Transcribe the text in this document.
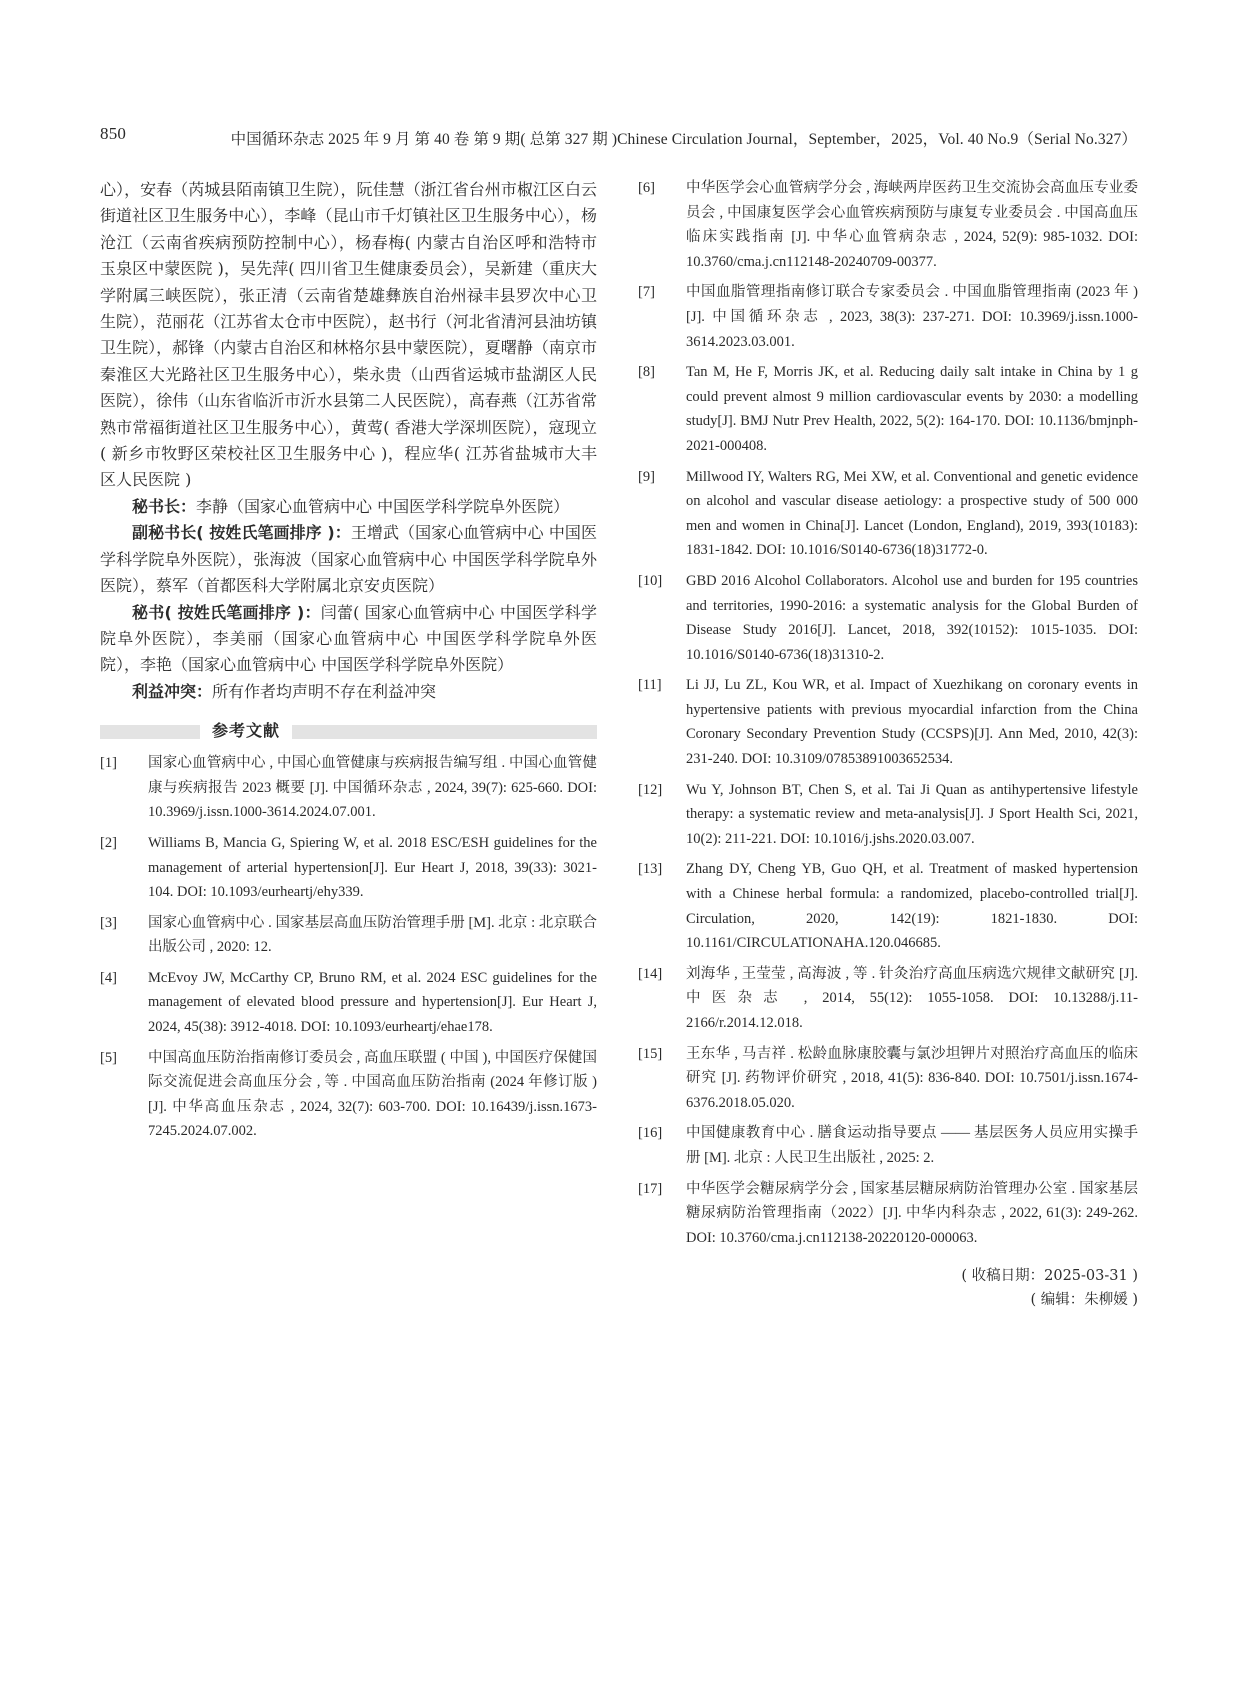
850	中国循环杂志 2025 年 9 月 第 40 卷 第 9 期( 总第 327 期 )Chinese Circulation Journal，September，2025，Vol. 40 No.9（Serial No.327）

心），安春（芮城县陌南镇卫生院），阮佳慧（浙江省台州市椒江区白云街道社区卫生服务中心），李峰（昆山市千灯镇社区卫生服务中心），杨沧江（云南省疾病预防控制中心），杨春梅( 内蒙古自治区呼和浩特市玉泉区中蒙医院 )，吴先萍( 四川省卫生健康委员会），吴新建（重庆大学附属三峡医院），张正清（云南省楚雄彝族自治州禄丰县罗次中心卫生院），范丽花（江苏省太仓市中医院），赵书行（河北省清河县油坊镇卫生院），郝锋（内蒙古自治区和林格尔县中蒙医院），夏曙静（南京市秦淮区大光路社区卫生服务中心），柴永贵（山西省运城市盐湖区人民医院），徐伟（山东省临沂市沂水县第二人民医院），高春燕（江苏省常熟市常福街道社区卫生服务中心），黄莺( 香港大学深圳医院），寇现立( 新乡市牧野区荣校社区卫生服务中心 )，程应华( 江苏省盐城市大丰区人民医院 )

秘书长：李静（国家心血管病中心 中国医学科学院阜外医院）

副秘书长( 按姓氏笔画排序 )：王增武（国家心血管病中心 中国医学科学院阜外医院），张海波（国家心血管病中心 中国医学科学院阜外医院），蔡军（首都医科大学附属北京安贞医院）

秘书( 按姓氏笔画排序 )：闫蕾( 国家心血管病中心 中国医学科学院阜外医院），李美丽（国家心血管病中心 中国医学科学院阜外医院），李艳（国家心血管病中心 中国医学科学院阜外医院）

利益冲突：所有作者均声明不存在利益冲突

参考文献

[1] 国家心血管病中心 , 中国心血管健康与疾病报告编写组 . 中国心血管健康与疾病报告 2023 概要 [J]. 中国循环杂志 , 2024, 39(7): 625-660. DOI: 10.3969/j.issn.1000-3614.2024.07.001.

[2] Williams B, Mancia G, Spiering W, et al. 2018 ESC/ESH guidelines for the management of arterial hypertension[J]. Eur Heart J, 2018, 39(33): 3021-104. DOI: 10.1093/eurheartj/ehy339.

[3] 国家心血管病中心 . 国家基层高血压防治管理手册 [M]. 北京 : 北京联合出版公司 , 2020: 12.

[4] McEvoy JW, McCarthy CP, Bruno RM, et al. 2024 ESC guidelines for the management of elevated blood pressure and hypertension[J]. Eur Heart J, 2024, 45(38): 3912-4018. DOI: 10.1093/eurheartj/ehae178.

[5] 中国高血压防治指南修订委员会 , 高血压联盟 ( 中国 ), 中国医疗保健国际交流促进会高血压分会 , 等 . 中国高血压防治指南 (2024 年修订版 )[J]. 中华高血压杂志 , 2024, 32(7): 603-700. DOI: 10.16439/j.issn.1673-7245.2024.07.002.

[6] 中华医学会心血管病学分会 , 海峡两岸医药卫生交流协会高血压专业委员会 , 中国康复医学会心血管疾病预防与康复专业委员会 . 中国高血压临床实践指南 [J]. 中华心血管病杂志 , 2024, 52(9): 985-1032. DOI: 10.3760/cma.j.cn112148-20240709-00377.

[7] 中国血脂管理指南修订联合专家委员会 . 中国血脂管理指南 (2023 年 )[J]. 中国循环杂志 , 2023, 38(3): 237-271. DOI: 10.3969/j.issn.1000-3614.2023.03.001.

[8] Tan M, He F, Morris JK, et al. Reducing daily salt intake in China by 1 g could prevent almost 9 million cardiovascular events by 2030: a modelling study[J]. BMJ Nutr Prev Health, 2022, 5(2): 164-170. DOI: 10.1136/bmjnph-2021-000408.

[9] Millwood IY, Walters RG, Mei XW, et al. Conventional and genetic evidence on alcohol and vascular disease aetiology: a prospective study of 500 000 men and women in China[J]. Lancet (London, England), 2019, 393(10183): 1831-1842. DOI: 10.1016/S0140-6736(18)31772-0.

[10] GBD 2016 Alcohol Collaborators. Alcohol use and burden for 195 countries and territories, 1990-2016: a systematic analysis for the Global Burden of Disease Study 2016[J]. Lancet, 2018, 392(10152): 1015-1035. DOI: 10.1016/S0140-6736(18)31310-2.

[11] Li JJ, Lu ZL, Kou WR, et al. Impact of Xuezhikang on coronary events in hypertensive patients with previous myocardial infarction from the China Coronary Secondary Prevention Study (CCSPS)[J]. Ann Med, 2010, 42(3): 231-240. DOI: 10.3109/07853891003652534.

[12] Wu Y, Johnson BT, Chen S, et al. Tai Ji Quan as antihypertensive lifestyle therapy: a systematic review and meta-analysis[J]. J Sport Health Sci, 2021, 10(2): 211-221. DOI: 10.1016/j.jshs.2020.03.007.

[13] Zhang DY, Cheng YB, Guo QH, et al. Treatment of masked hypertension with a Chinese herbal formula: a randomized, placebo-controlled trial[J]. Circulation, 2020, 142(19): 1821-1830. DOI: 10.1161/CIRCULATIONAHA.120.046685.

[14] 刘海华 , 王莹莹 , 高海波 , 等 . 针灸治疗高血压病选穴规律文献研究 [J]. 中医杂志 , 2014, 55(12): 1055-1058. DOI: 10.13288/j.11-2166/r.2014.12.018.

[15] 王东华 , 马吉祥 . 松龄血脉康胶囊与氯沙坦钾片对照治疗高血压的临床研究 [J]. 药物评价研究 , 2018, 41(5): 836-840. DOI: 10.7501/j.issn.1674-6376.2018.05.020.

[16] 中国健康教育中心 . 膳食运动指导要点 —— 基层医务人员应用实操手册 [M]. 北京 : 人民卫生出版社 , 2025: 2.

[17] 中华医学会糖尿病学分会 , 国家基层糖尿病防治管理办公室 . 国家基层糖尿病防治管理指南（2022）[J]. 中华内科杂志 , 2022, 61(3): 249-262. DOI: 10.3760/cma.j.cn112138-20220120-000063.

( 收稿日期：2025-03-31 )
( 编辑：朱柳媛 )
